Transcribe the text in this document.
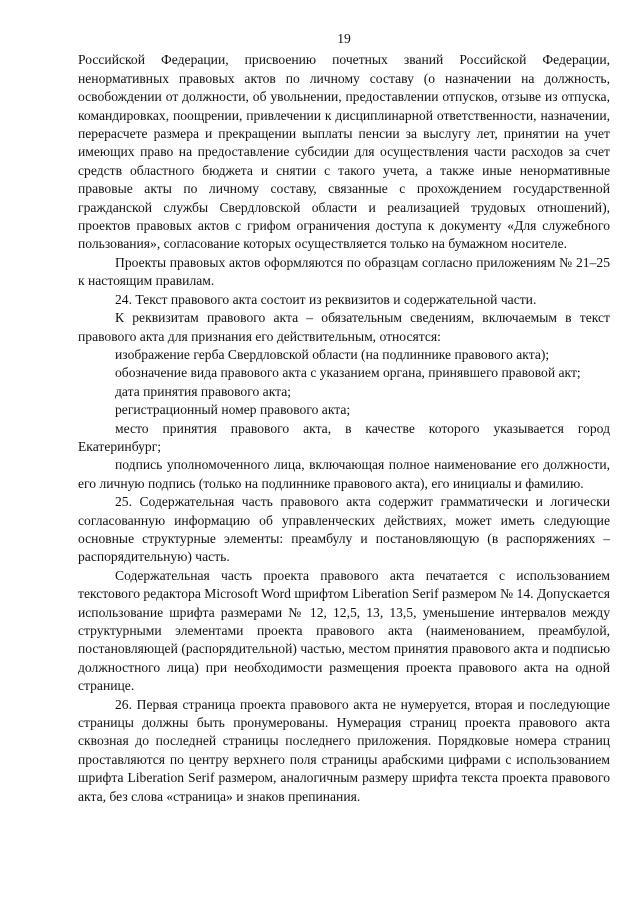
19

Российской Федерации, присвоению почетных званий Российской Федерации, ненормативных правовых актов по личному составу (о назначении на должность, освобождении от должности, об увольнении, предоставлении отпусков, отзыве из отпуска, командировках, поощрении, привлечении к дисциплинарной ответственности, назначении, перерасчете размера и прекращении выплаты пенсии за выслугу лет, принятии на учет имеющих право на предоставление субсидии для осуществления части расходов за счет средств областного бюджета и снятии с такого учета, а также иные ненормативные правовые акты по личному составу, связанные с прохождением государственной гражданской службы Свердловской области и реализацией трудовых отношений), проектов правовых актов с грифом ограничения доступа к документу «Для служебного пользования», согласование которых осуществляется только на бумажном носителе.

Проекты правовых актов оформляются по образцам согласно приложениям № 21–25 к настоящим правилам.

24. Текст правового акта состоит из реквизитов и содержательной части.

К реквизитам правового акта – обязательным сведениям, включаемым в текст правового акта для признания его действительным, относятся:

изображение герба Свердловской области (на подлиннике правового акта);

обозначение вида правового акта с указанием органа, принявшего правовой акт;

дата принятия правового акта;

регистрационный номер правового акта;

место принятия правового акта, в качестве которого указывается город Екатеринбург;

подпись уполномоченного лица, включающая полное наименование его должности, его личную подпись (только на подлиннике правового акта), его инициалы и фамилию.

25. Содержательная часть правового акта содержит грамматически и логически согласованную информацию об управленческих действиях, может иметь следующие основные структурные элементы: преамбулу и постановляющую (в распоряжениях – распорядительную) часть.

Содержательная часть проекта правового акта печатается с использованием текстового редактора Microsoft Word шрифтом Liberation Serif размером № 14. Допускается использование шрифта размерами № 12, 12,5, 13, 13,5, уменьшение интервалов между структурными элементами проекта правового акта (наименованием, преамбулой, постановляющей (распорядительной) частью, местом принятия правового акта и подписью должностного лица) при необходимости размещения проекта правового акта на одной странице.

26. Первая страница проекта правового акта не нумеруется, вторая и последующие страницы должны быть пронумерованы. Нумерация страниц проекта правового акта сквозная до последней страницы последнего приложения. Порядковые номера страниц проставляются по центру верхнего поля страницы арабскими цифрами с использованием шрифта Liberation Serif размером, аналогичным размеру шрифта текста проекта правового акта, без слова «страница» и знаков препинания.
